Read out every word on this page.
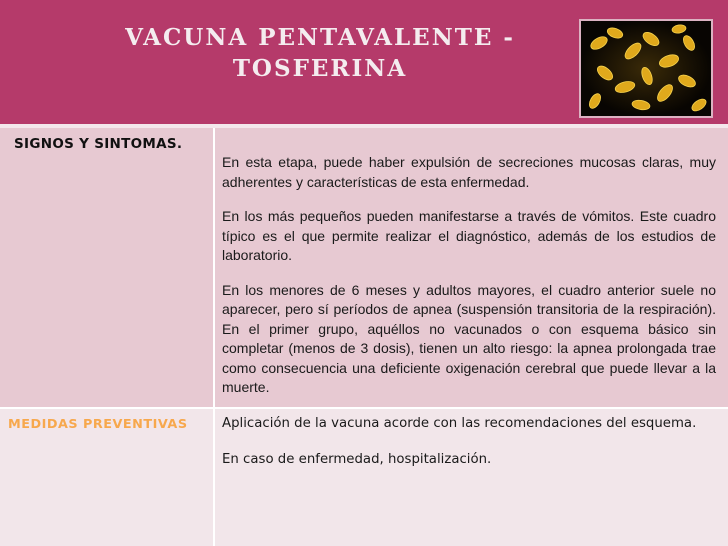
VACUNA PENTAVALENTE -
TOSFERINA
SIGNOS Y SINTOMAS.

En esta etapa, puede haber expulsión de secreciones mucosas claras, muy adherentes y características de esta enfermedad.

En los más pequeños pueden manifestarse a través de vómitos. Este cuadro típico es el que permite realizar el diagnóstico, además de los estudios de laboratorio.

En los menores de 6 meses y adultos mayores, el cuadro anterior suele no aparecer, pero sí períodos de apnea (suspensión transitoria de la respiración). En el primer grupo, aquéllos no vacunados o con esquema básico sin completar (menos de 3 dosis), tienen un alto riesgo: la apnea prolongada trae como consecuencia una deficiente oxigenación cerebral que puede llevar a la muerte.

MEDIDAS PREVENTIVAS	Aplicación de la vacuna acorde con las recomendaciones del esquema.

En caso de enfermedad, hospitalización.
